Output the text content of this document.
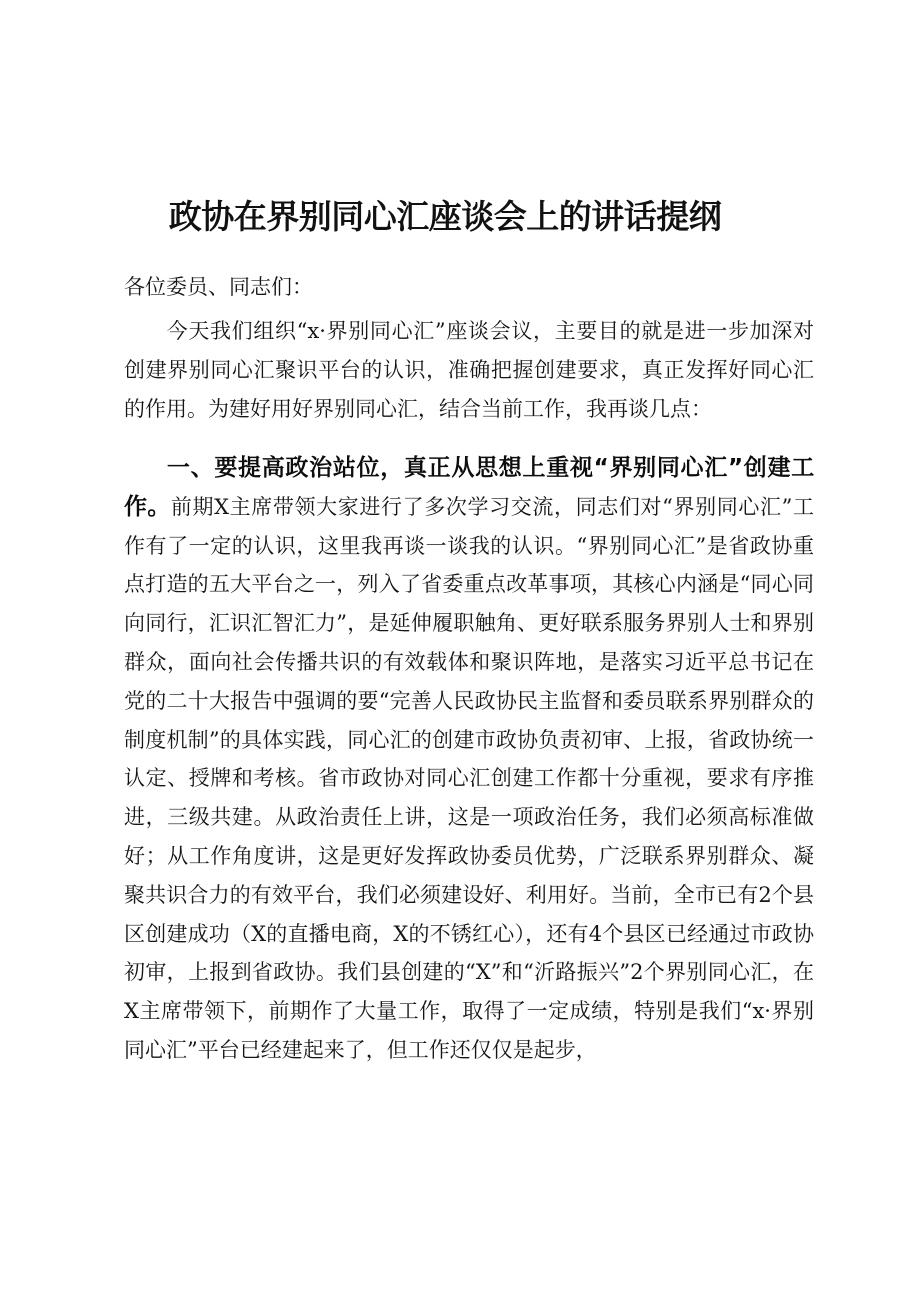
政协在界别同心汇座谈会上的讲话提纲
各位委员、同志们：

今天我们组织“x·界别同心汇”座谈会议，主要目的就是进一步加深对创建界别同心汇聚识平台的认识，准确把握创建要求，真正发挥好同心汇的作用。为建好用好界别同心汇，结合当前工作，我再谈几点：

一、要提高政治站位，真正从思想上重视“界别同心汇”创建工作。前期X主席带领大家进行了多次学习交流，同志们对“界别同心汇”工作有了一定的认识，这里我再谈一谈我的认识。“界别同心汇”是省政协重点打造的五大平台之一，列入了省委重点改革事项，其核心内涵是“同心同向同行，汇识汇智汇力”，是延伸履职触角、更好联系服务界别人士和界别群众，面向社会传播共识的有效载体和聚识阵地，是落实习近平总书记在党的二十大报告中强调的要“完善人民政协民主监督和委员联系界别群众的制度机制”的具体实践，同心汇的创建市政协负责初审、上报，省政协统一认定、授牌和考核。省市政协对同心汇创建工作都十分重视，要求有序推进，三级共建。从政治责任上讲，这是一项政治任务，我们必须高标准做好；从工作角度讲，这是更好发挥政协委员优势，广泛联系界别群众、凝聚共识合力的有效平台，我们必须建设好、利用好。当前，全市已有2个县区创建成功（X的直播电商，X的不锈红心），还有4个县区已经通过市政协初审，上报到省政协。我们县创建的“X”和“沂路振兴”2个界别同心汇，在X主席带领下，前期作了大量工作，取得了一定成绩，特别是我们“x·界别同心汇”平台已经建起来了，但工作还仅仅是起步，
